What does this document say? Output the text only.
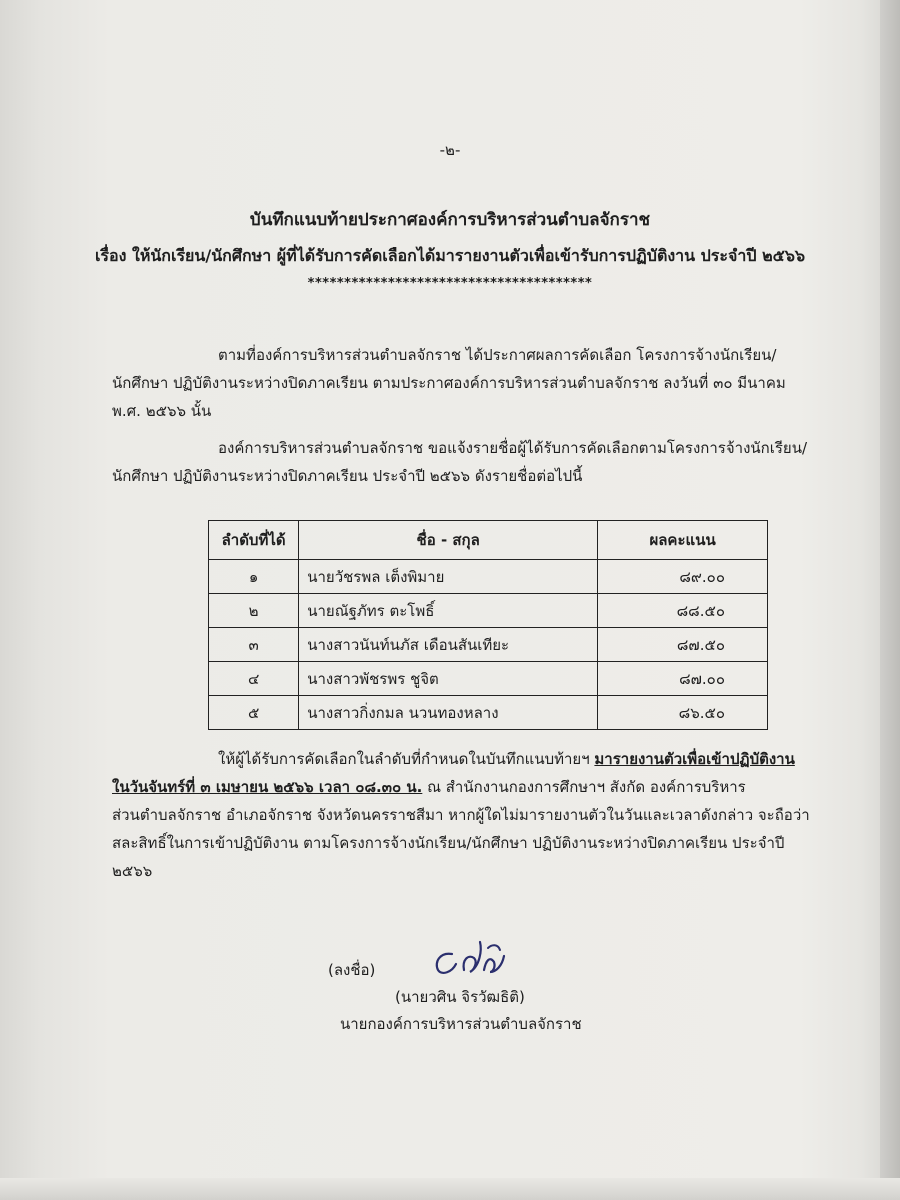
-๒-
บันทึกแนบท้ายประกาศองค์การบริหารส่วนตำบลจักราช
เรื่อง ให้นักเรียน/นักศึกษา ผู้ที่ได้รับการคัดเลือกได้มารายงานตัวเพื่อเข้ารับการปฏิบัติงาน ประจำปี ๒๕๖๖
***************************************
ตามที่องค์การบริหารส่วนตำบลจักราช ได้ประกาศผลการคัดเลือก โครงการจ้างนักเรียน/
นักศึกษา ปฏิบัติงานระหว่างปิดภาคเรียน ตามประกาศองค์การบริหารส่วนตำบลจักราช ลงวันที่ ๓๐ มีนาคม
พ.ศ. ๒๕๖๖ นั้น
องค์การบริหารส่วนตำบลจักราช ขอแจ้งรายชื่อผู้ได้รับการคัดเลือกตามโครงการจ้างนักเรียน/
นักศึกษา ปฏิบัติงานระหว่างปิดภาคเรียน ประจำปี ๒๕๖๖ ดังรายชื่อต่อไปนี้
ลำดับที่ได้	ชื่อ - สกุล	ผลคะแนน
๑	นายวัชรพล เต็งพิมาย	๘๙.๐๐
๒	นายณัฐภัทร ตะโพธิ์	๘๘.๕๐
๓	นางสาวนันท์นภัส เดือนสันเทียะ	๘๗.๕๐
๔	นางสาวพัชรพร ชูจิต	๘๗.๐๐
๕	นางสาวกิ่งกมล นวนทองหลาง	๘๖.๕๐
ให้ผู้ได้รับการคัดเลือกในลำดับที่กำหนดในบันทึกแนบท้ายฯ มารายงานตัวเพื่อเข้าปฏิบัติงาน
ในวันจันทร์ที่ ๓ เมษายน ๒๕๖๖ เวลา ๐๘.๓๐ น. ณ สำนักงานกองการศึกษาฯ สังกัด องค์การบริหาร
ส่วนตำบลจักราช อำเภอจักราช จังหวัดนครราชสีมา หากผู้ใดไม่มารายงานตัวในวันและเวลาดังกล่าว จะถือว่า
สละสิทธิ์ในการเข้าปฏิบัติงาน ตามโครงการจ้างนักเรียน/นักศึกษา ปฏิบัติงานระหว่างปิดภาคเรียน ประจำปี
๒๕๖๖
(ลงชื่อ)
(นายวศิน จิรวัฒธิติ)
นายกองค์การบริหารส่วนตำบลจักราช
